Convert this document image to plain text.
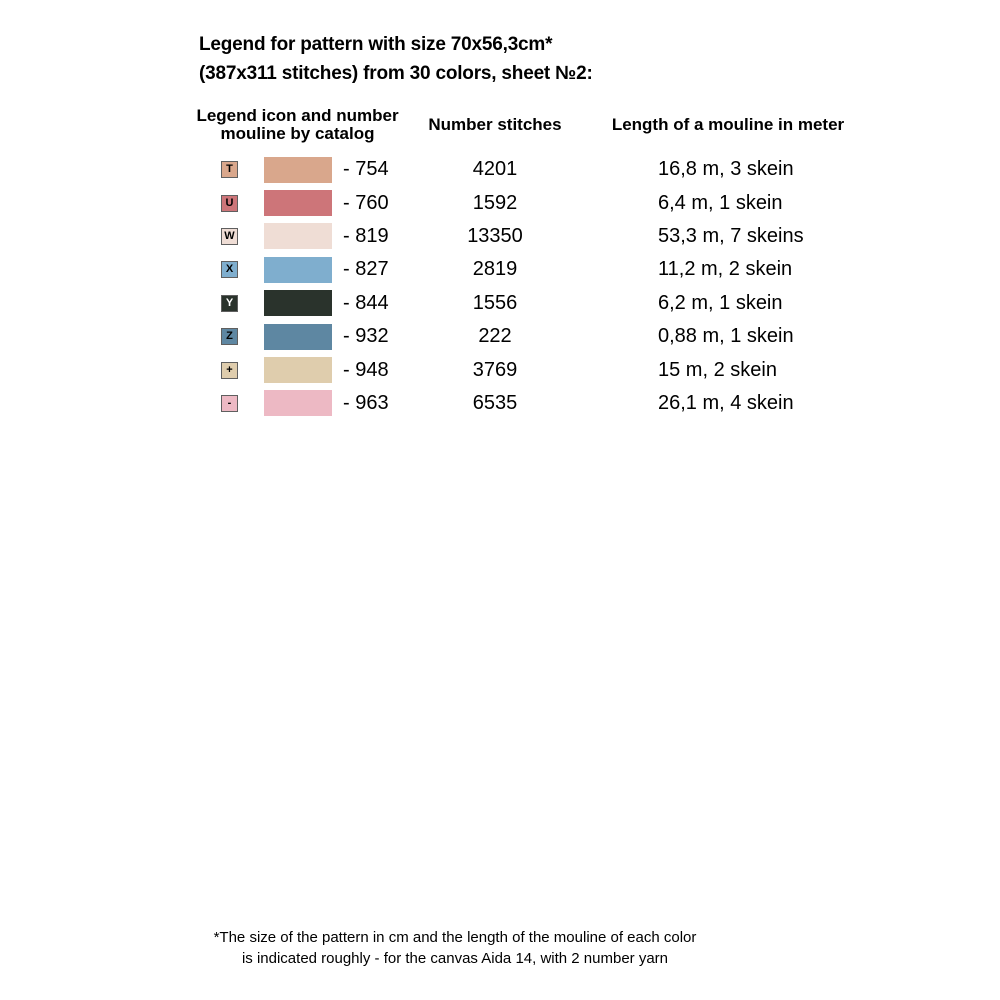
Legend for pattern with size 70x56,3cm*
(387x311 stitches) from 30 colors, sheet №2:
Legend icon and number
mouline by catalog	Number stitches	Length of a mouline in meter
T	- 754	4201	16,8 m, 3 skein
U	- 760	1592	6,4 m, 1 skein
W	- 819	13350	53,3 m, 7 skeins
X	- 827	2819	11,2 m, 2 skein
Y	- 844	1556	6,2 m, 1 skein
Z	- 932	222	0,88 m, 1 skein
+	- 948	3769	15 m, 2 skein
-	- 963	6535	26,1 m, 4 skein
*The size of the pattern in cm and the length of the mouline of each color
is indicated roughly - for the canvas Aida 14, with 2 number yarn
